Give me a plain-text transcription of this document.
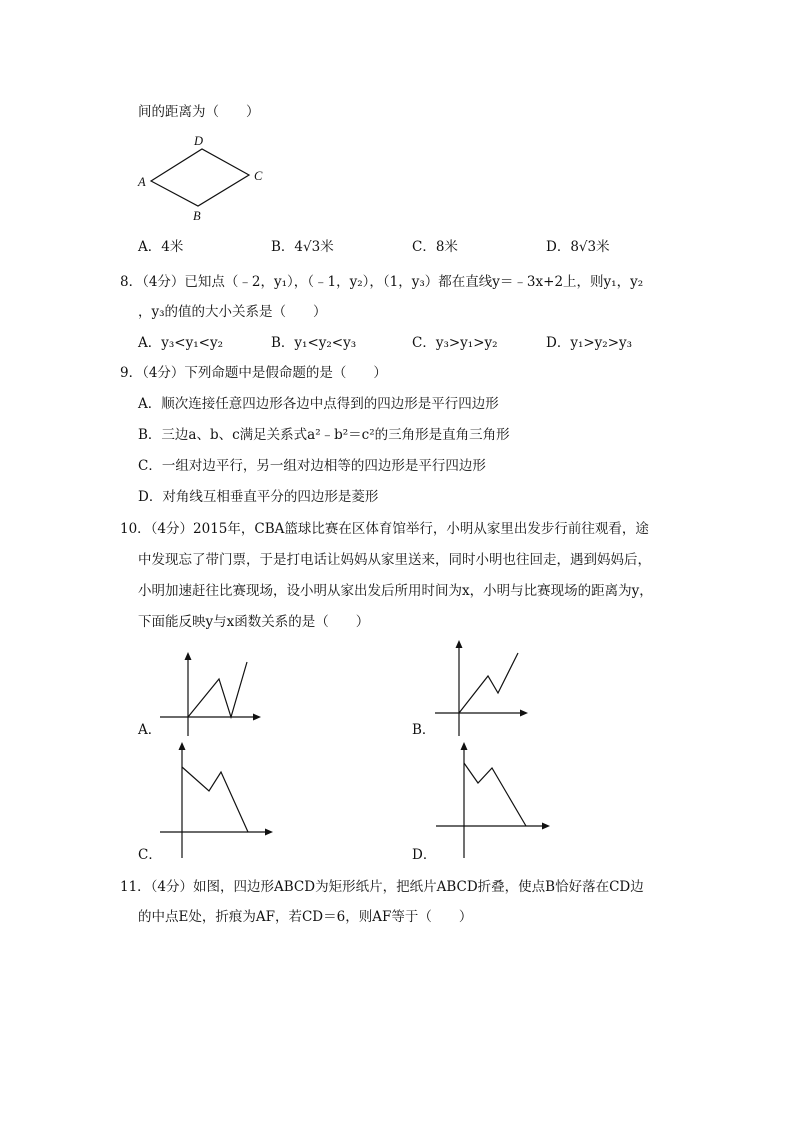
间的距离为（　　）
D
A	C
B
A．4米	B．4√3米	C．8米	D．8√3米
8．（4分）已知点（﹣2，y₁），（﹣1，y₂），（1，y₃）都在直线y＝﹣3x+2上，则y₁，y₂
，y₃的值的大小关系是（　　）
A．y₃<y₁<y₂	B．y₁<y₂<y₃	C．y₃>y₁>y₂	D．y₁>y₂>y₃
9．（4分）下列命题中是假命题的是（　　）
A．顺次连接任意四边形各边中点得到的四边形是平行四边形
B．三边a、b、c满足关系式a²﹣b²＝c²的三角形是直角三角形
C．一组对边平行，另一组对边相等的四边形是平行四边形
D．对角线互相垂直平分的四边形是菱形
10．（4分）2015年，CBA篮球比赛在区体育馆举行，小明从家里出发步行前往观看，途
中发现忘了带门票，于是打电话让妈妈从家里送来，同时小明也往回走，遇到妈妈后，
小明加速赶往比赛现场，设小明从家出发后所用时间为x，小明与比赛现场的距离为y，
下面能反映y与x函数关系的是（　　）
A．	B．
C．	D．
11．（4分）如图，四边形ABCD为矩形纸片，把纸片ABCD折叠，使点B恰好落在CD边
的中点E处，折痕为AF，若CD＝6，则AF等于（　　）
